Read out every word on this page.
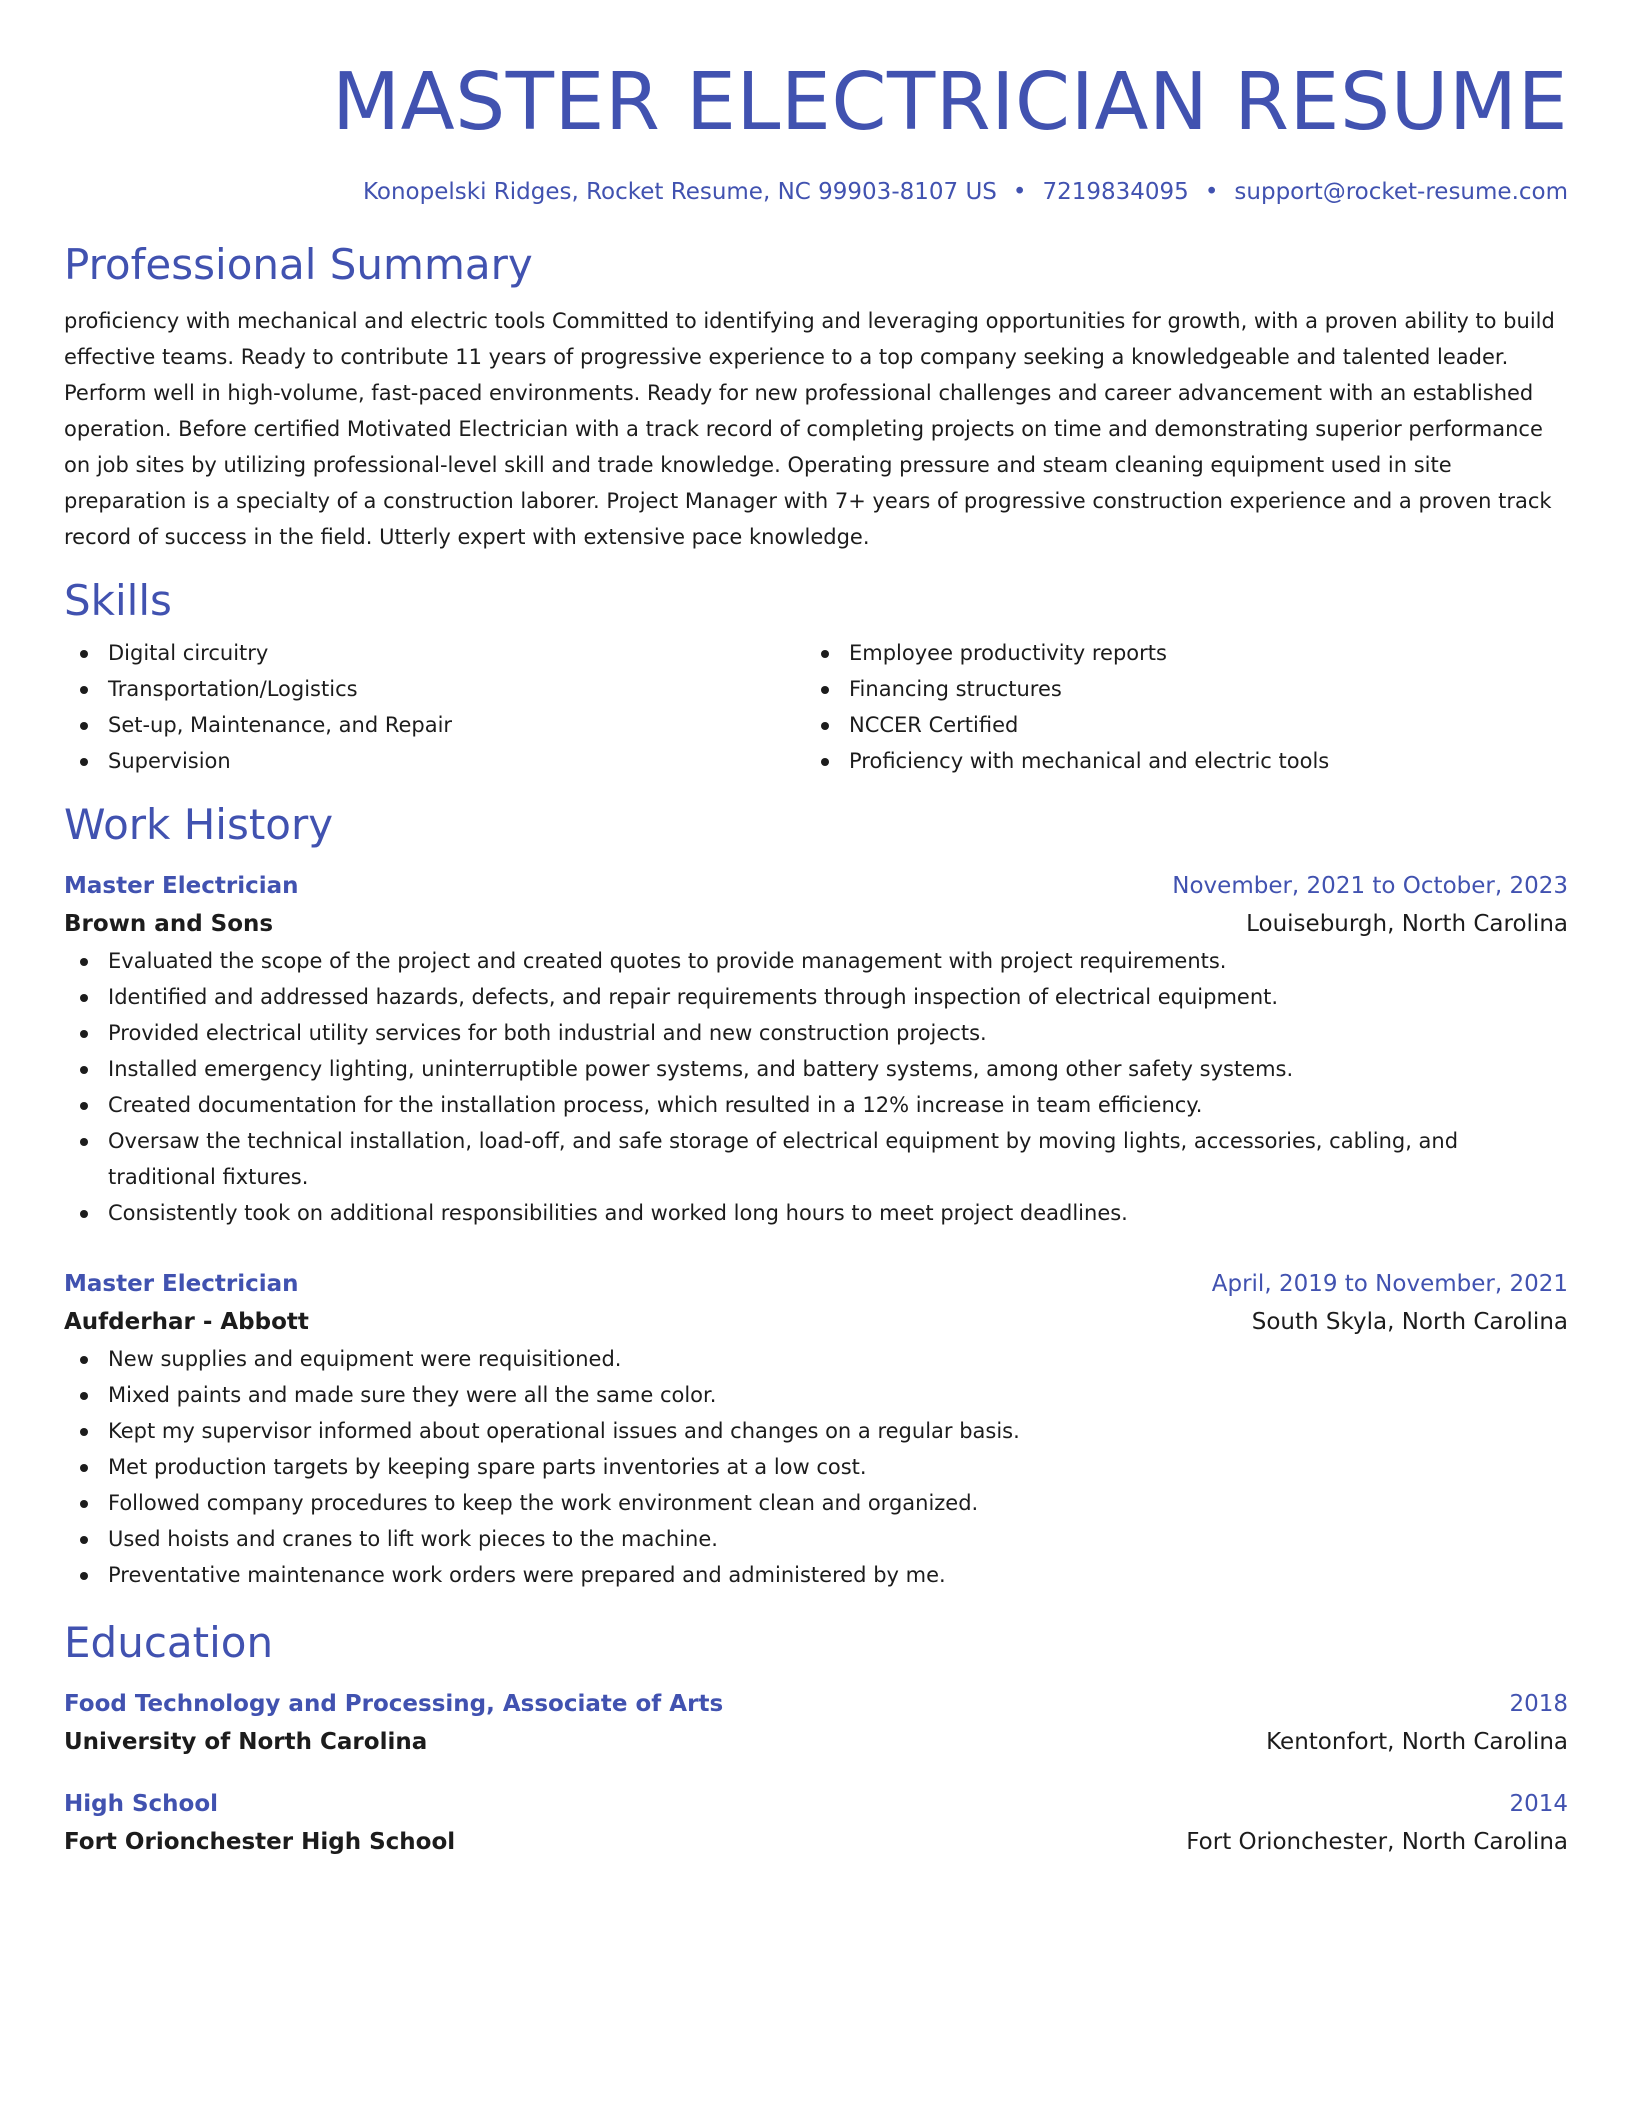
MASTER ELECTRICIAN RESUME
Konopelski Ridges, Rocket Resume, NC 99903-8107 US • 7219834095 • support@rocket-resume.com
Professional Summary
proficiency with mechanical and electric tools Committed to identifying and leveraging opportunities for growth, with a proven ability to build effective teams. Ready to contribute 11 years of progressive experience to a top company seeking a knowledgeable and talented leader. Perform well in high-volume, fast-paced environments. Ready for new professional challenges and career advancement with an established operation. Before certified Motivated Electrician with a track record of completing projects on time and demonstrating superior performance on job sites by utilizing professional-level skill and trade knowledge. Operating pressure and steam cleaning equipment used in site preparation is a specialty of a construction laborer. Project Manager with 7+ years of progressive construction experience and a proven track record of success in the field. Utterly expert with extensive pace knowledge.
Skills
Digital circuitry
Transportation/Logistics
Set-up, Maintenance, and Repair
Supervision
Employee productivity reports
Financing structures
NCCER Certified
Proficiency with mechanical and electric tools
Work History
Master Electrician	November, 2021 to October, 2023
Brown and Sons	Louiseburgh, North Carolina
Evaluated the scope of the project and created quotes to provide management with project requirements.
Identified and addressed hazards, defects, and repair requirements through inspection of electrical equipment.
Provided electrical utility services for both industrial and new construction projects.
Installed emergency lighting, uninterruptible power systems, and battery systems, among other safety systems.
Created documentation for the installation process, which resulted in a 12% increase in team efficiency.
Oversaw the technical installation, load-off, and safe storage of electrical equipment by moving lights, accessories, cabling, and traditional fixtures.
Consistently took on additional responsibilities and worked long hours to meet project deadlines.
Master Electrician	April, 2019 to November, 2021
Aufderhar - Abbott	South Skyla, North Carolina
New supplies and equipment were requisitioned.
Mixed paints and made sure they were all the same color.
Kept my supervisor informed about operational issues and changes on a regular basis.
Met production targets by keeping spare parts inventories at a low cost.
Followed company procedures to keep the work environment clean and organized.
Used hoists and cranes to lift work pieces to the machine.
Preventative maintenance work orders were prepared and administered by me.
Education
Food Technology and Processing, Associate of Arts	2018
University of North Carolina	Kentonfort, North Carolina
High School	2014
Fort Orionchester High School	Fort Orionchester, North Carolina
